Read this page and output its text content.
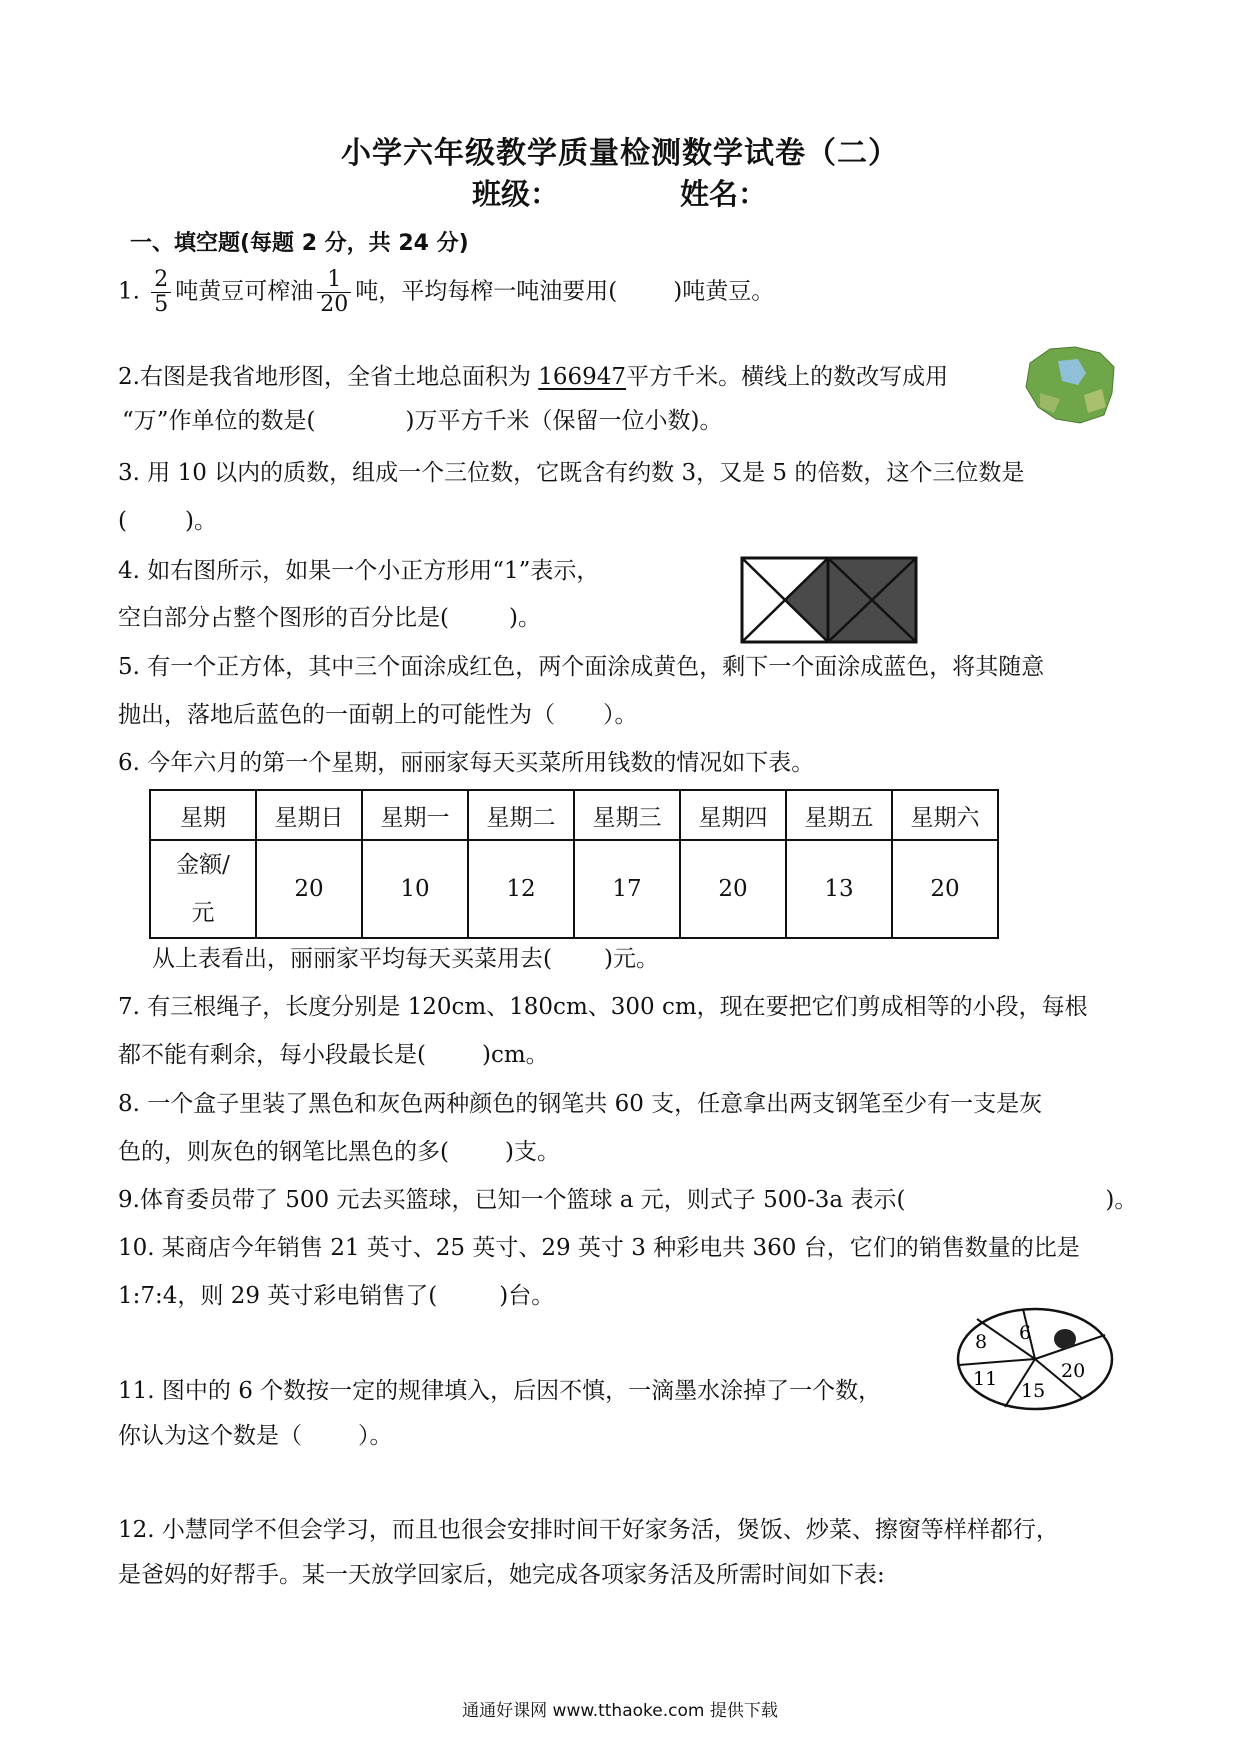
小学六年级教学质量检测数学试卷（二）
班级：	姓名：
一、填空题(每题 2 分，共 24 分)
1. $\frac{2}{5}$ 吨黄豆可榨油 $\frac{1}{20}$ 吨，平均每榨一吨油要用( )吨黄豆。
2.右图是我省地形图，全省土地总面积为 166947平方千米。横线上的数改写成用
“万”作单位的数是(	)万平方千米（保留一位小数)。
3. 用 10 以内的质数，组成一个三位数，它既含有约数 3，又是 5 的倍数，这个三位数是
(	)。
4. 如右图所示，如果一个小正方形用“1”表示，
空白部分占整个图形的百分比是(	)。
5. 有一个正方体，其中三个面涂成红色，两个面涂成黄色，剩下一个面涂成蓝色，将其随意
抛出，落地后蓝色的一面朝上的可能性为（ ）。
6. 今年六月的第一个星期，丽丽家每天买菜所用钱数的情况如下表。
星期	星期日	星期一	星期二	星期三	星期四	星期五	星期六
金额/
元	20	10	12	17	20	13	20
从上表看出，丽丽家平均每天买菜用去( )元。
7. 有三根绳子，长度分别是 120cm、180cm、300 cm，现在要把它们剪成相等的小段，每根
都不能有剩余，每小段最长是( )cm。
8. 一个盒子里装了黑色和灰色两种颜色的钢笔共 60 支，任意拿出两支钢笔至少有一支是灰
色的，则灰色的钢笔比黑色的多( )支。
9.体育委员带了 500 元去买篮球，已知一个篮球 a 元，则式子 500-3a 表示(	)。
10. 某商店今年销售 21 英寸、25 英寸、29 英寸 3 种彩电共 360 台，它们的销售数量的比是
1:7:4，则 29 英寸彩电销售了(	)台。
11. 图中的 6 个数按一定的规律填入，后因不慎，一滴墨水涂掉了一个数，
你认为这个数是（ ）。
8 6
11
15
20
12. 小慧同学不但会学习，而且也很会安排时间干好家务活，煲饭、炒菜、擦窗等样样都行，
是爸妈的好帮手。某一天放学回家后，她完成各项家务活及所需时间如下表:
通通好课网 www.tthaoke.com 提供下载
